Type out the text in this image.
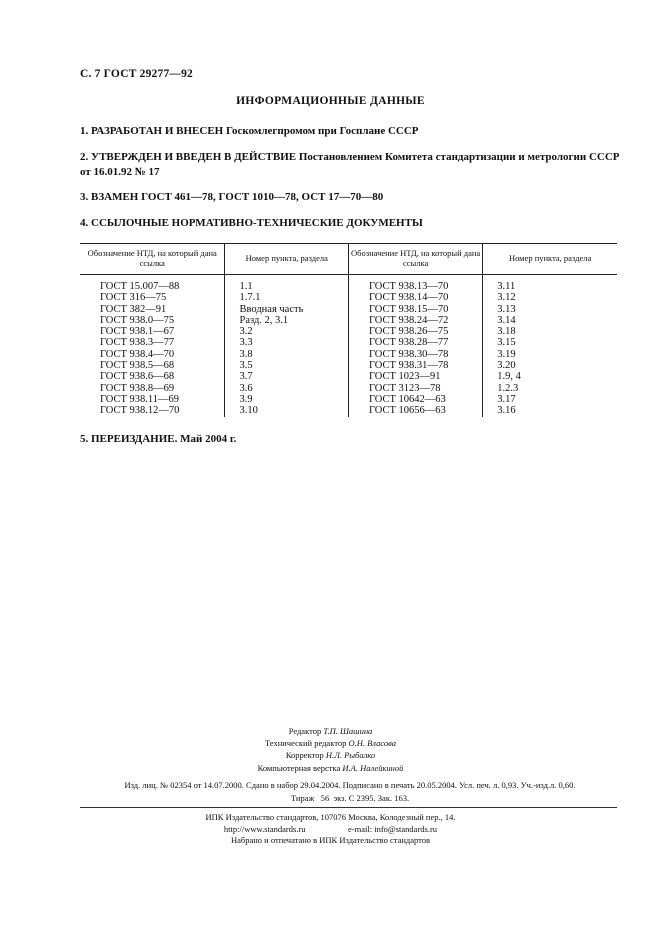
С. 7 ГОСТ 29277—92
ИНФОРМАЦИОННЫЕ ДАННЫЕ
1. РАЗРАБОТАН И ВНЕСЕН Госкомлегпромом при Госплане СССР
2. УТВЕРЖДЕН И ВВЕДЕН В ДЕЙСТВИЕ Постановлением Комитета стандартизации и метрологии СССР от 16.01.92 № 17
3. ВЗАМЕН ГОСТ 461—78, ГОСТ 1010—78, ОСТ 17—70—80
4. ССЫЛОЧНЫЕ НОРМАТИВНО-ТЕХНИЧЕСКИЕ ДОКУМЕНТЫ
Обозначение НТД, на который дана ссылка	Номер пункта, раздела	Обозначение НТД, на который дана ссылка	Номер пункта, раздела
ГОСТ 15.007—88	1.1	ГОСТ 938.13—70	3.11
ГОСТ 316—75	1.7.1	ГОСТ 938.14—70	3.12
ГОСТ 382—91	Вводная часть	ГОСТ 938.15—70	3.13
ГОСТ 938.0—75	Разд. 2, 3.1	ГОСТ 938.24—72	3.14
ГОСТ 938.1—67	3.2	ГОСТ 938.26—75	3.18
ГОСТ 938.3—77	3.3	ГОСТ 938.28—77	3.15
ГОСТ 938.4—70	3.8	ГОСТ 938.30—78	3.19
ГОСТ 938.5—68	3.5	ГОСТ 938.31—78	3.20
ГОСТ 938.6—68	3.7	ГОСТ 1023—91	1.9, 4
ГОСТ 938.8—69	3.6	ГОСТ 3123—78	1.2.3
ГОСТ 938.11—69	3.9	ГОСТ 10642—63	3.17
ГОСТ 938.12—70	3.10	ГОСТ 10656—63	3.16
5. ПЕРЕИЗДАНИЕ. Май 2004 г.
Редактор Т.П. Шашина
Технический редактор О.Н. Власова
Корректор Н.Л. Рыбалко
Компьютерная верстка И.А. Налейкиной
Изд. лиц. № 02354 от 14.07.2000. Сдано в набор 29.04.2004. Подписано в печать 20.05.2004. Усл. печ. л. 0,93. Уч.-изд.л. 0,60.
Тираж   56  экз. С 2395. Зак. 163.
ИПК Издательство стандартов, 107076 Москва, Колодезный пер., 14.
http://www.standards.ru                    e-mail: info@standards.ru
Набрано и отпечатано в ИПК Издательство стандартов
